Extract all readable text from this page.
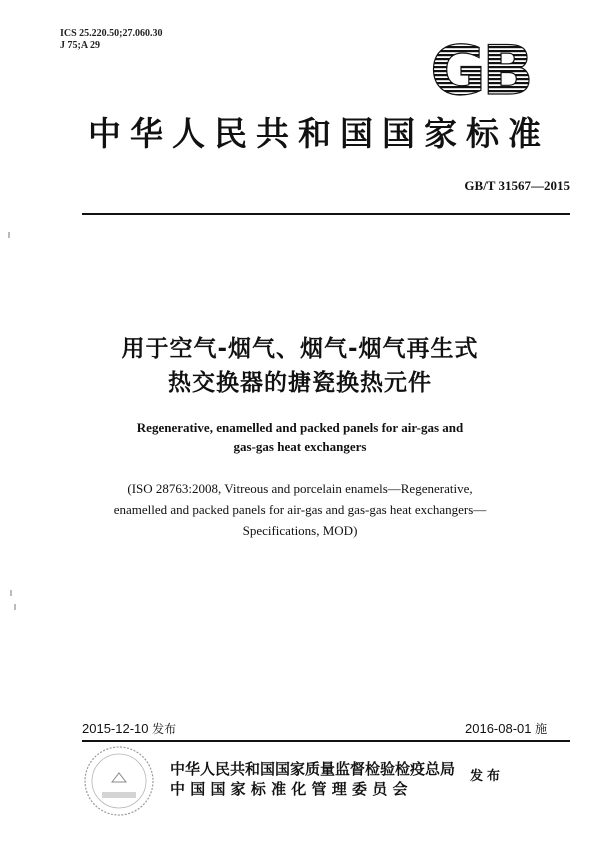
ICS 25.220.50;27.060.30
J 75;A 29	GB
中华人民共和国国家标准
GB/T 31567—2015
用于空气-烟气、烟气-烟气再生式
热交换器的搪瓷换热元件
Regenerative, enamelled and packed panels for air-gas and
gas-gas heat exchangers
(ISO 28763:2008, Vitreous and porcelain enamels—Regenerative,
enamelled and packed panels for air-gas and gas-gas heat exchangers—
Specifications, MOD)
2015-12-10 发布	2016-08-01 施
中华人民共和国国家质量监督检验检疫总局
中 国 国 家 标 准 化 管 理 委 员 会
发布
